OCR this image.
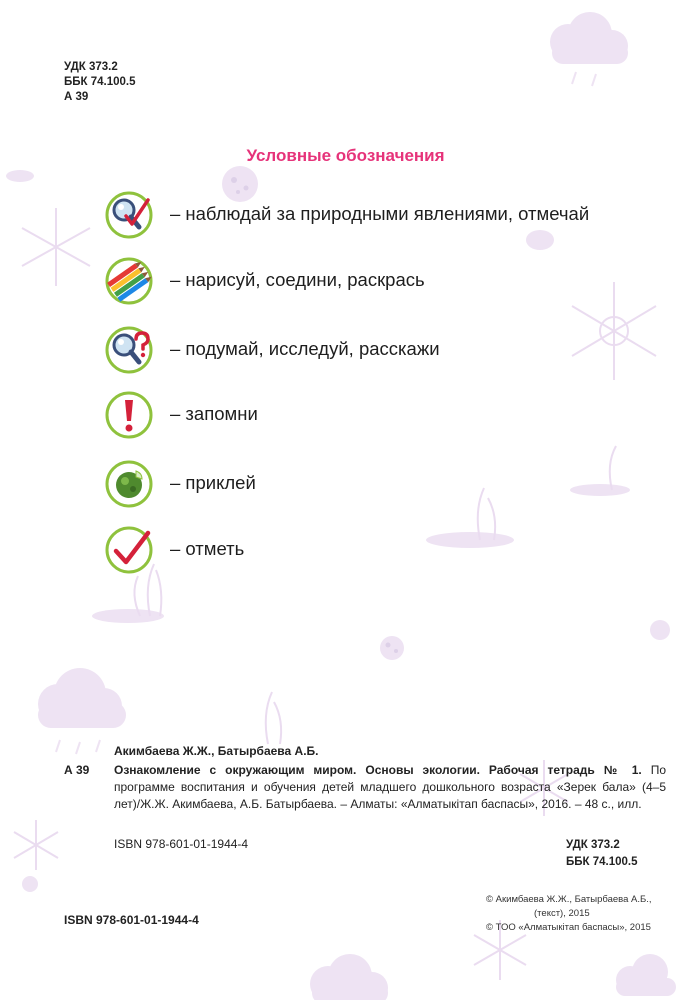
УДК 373.2
ББК 74.100.5
А 39
Условные обозначения
– наблюдай за природными явлениями, отмечай
– нарисуй, соедини, раскрась
– подумай, исследуй, расскажи
– запомни
– приклей
– отметь
Акимбаева Ж.Ж., Батырбаева А.Б.
А 39 Ознакомление с окружающим миром. Основы экологии. Рабочая тетрадь № 1. По программе воспитания и обучения детей младшего дошкольного возраста «Зерек бала» (4–5 лет)/Ж.Ж. Акимбаева, А.Б. Батырбаева. – Алматы: «Алматыкітап баспасы», 2016. – 48 с., илл.
ISBN 978-601-01-1944-4	УДК 373.2
ББК 74.100.5
© Акимбаева Ж.Ж., Батырбаева А.Б.,
(текст), 2015
© ТОО «Алматыкітап баспасы», 2015
ISBN 978-601-01-1944-4
